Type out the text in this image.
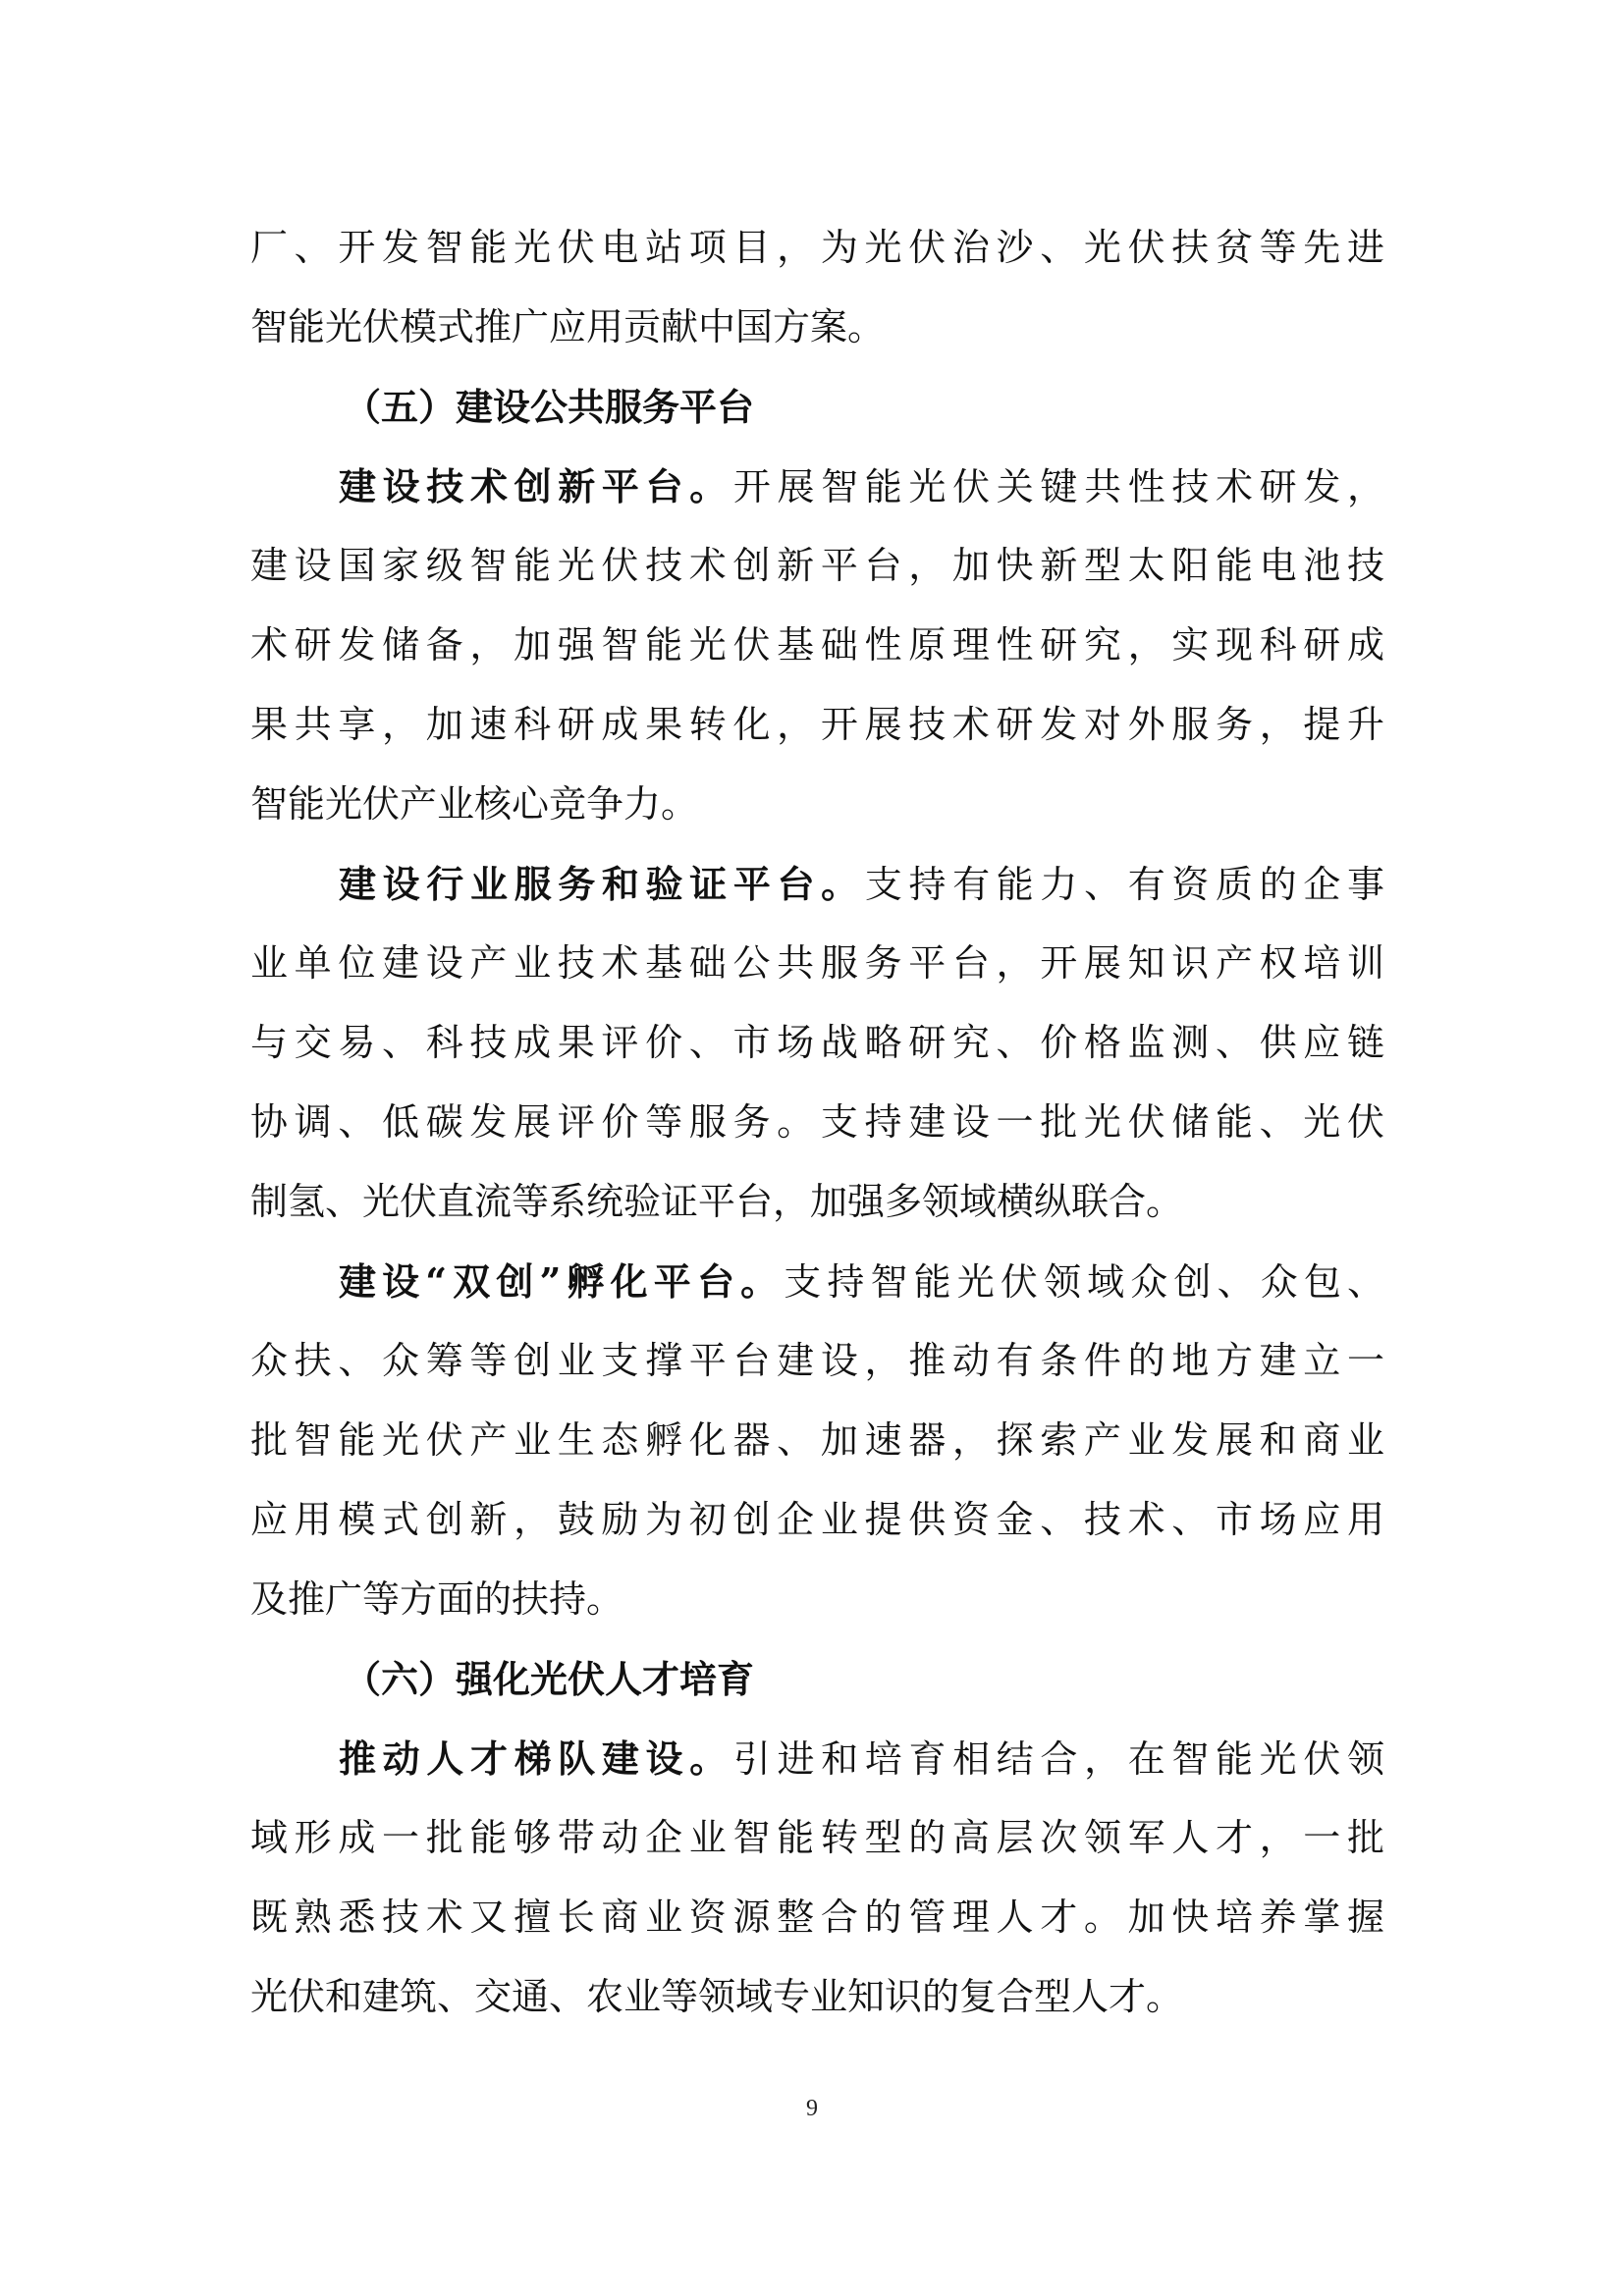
厂、开发智能光伏电站项目，为光伏治沙、光伏扶贫等先进
智能光伏模式推广应用贡献中国方案。
（五）建设公共服务平台
建设技术创新平台。开展智能光伏关键共性技术研发，
建设国家级智能光伏技术创新平台，加快新型太阳能电池技
术研发储备，加强智能光伏基础性原理性研究，实现科研成
果共享，加速科研成果转化，开展技术研发对外服务，提升
智能光伏产业核心竞争力。
建设行业服务和验证平台。支持有能力、有资质的企事
业单位建设产业技术基础公共服务平台，开展知识产权培训
与交易、科技成果评价、市场战略研究、价格监测、供应链
协调、低碳发展评价等服务。支持建设一批光伏储能、光伏
制氢、光伏直流等系统验证平台，加强多领域横纵联合。
建设“双创”孵化平台。支持智能光伏领域众创、众包、
众扶、众筹等创业支撑平台建设，推动有条件的地方建立一
批智能光伏产业生态孵化器、加速器，探索产业发展和商业
应用模式创新，鼓励为初创企业提供资金、技术、市场应用
及推广等方面的扶持。
（六）强化光伏人才培育
推动人才梯队建设。引进和培育相结合，在智能光伏领
域形成一批能够带动企业智能转型的高层次领军人才，一批
既熟悉技术又擅长商业资源整合的管理人才。加快培养掌握
光伏和建筑、交通、农业等领域专业知识的复合型人才。
9
